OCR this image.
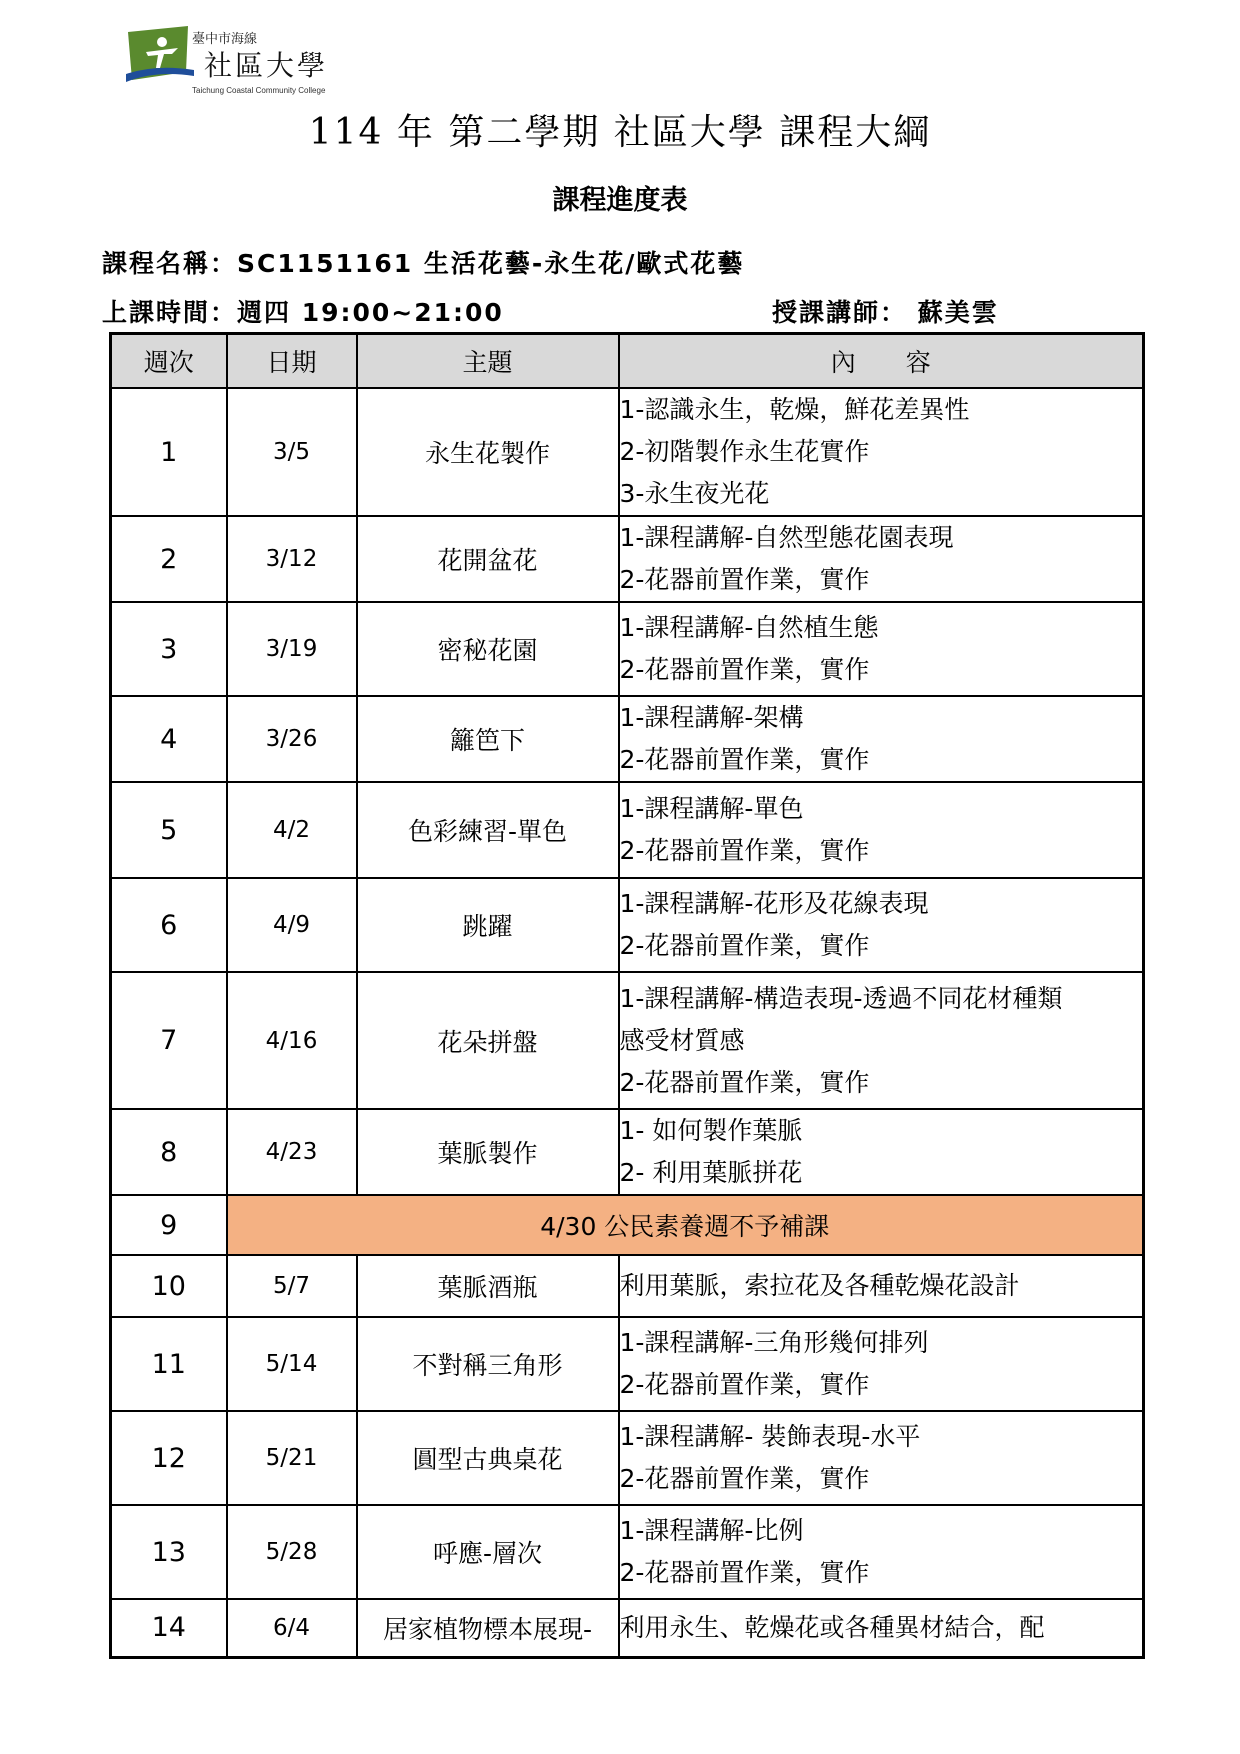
臺中市海線
社區大學
Taichung Coastal Community College
114 年 第二學期 社區大學 課程大綱
課程進度表
課程名稱：SC1151161 生活花藝-永生花/歐式花藝
上課時間：週四 19:00~21:00	授課講師： 蘇美雲
週次	日期	主題	內　　容
1	3/5	永生花製作	1-認識永生，乾燥，鮮花差異性
2-初階製作永生花實作
3-永生夜光花

2	3/12	花開盆花	1-課程講解-自然型態花園表現
2-花器前置作業，實作

3	3/19	密秘花園	1-課程講解-自然植生態
2-花器前置作業，實作

4	3/26	籬笆下	1-課程講解-架構
2-花器前置作業，實作

5	4/2	色彩練習-單色	1-課程講解-單色
2-花器前置作業，實作

6	4/9	跳躍	1-課程講解-花形及花線表現
2-花器前置作業，實作

7	4/16	花朵拼盤	1-課程講解-構造表現-透過不同花材種類
感受材質感
2-花器前置作業，實作

8	4/23	葉脈製作	1- 如何製作葉脈
2- 利用葉脈拼花

9	4/30 公民素養週不予補課		
10	5/7	葉脈酒瓶	利用葉脈，索拉花及各種乾燥花設計

11	5/14	不對稱三角形	1-課程講解-三角形幾何排列
2-花器前置作業，實作

12	5/21	圓型古典桌花	1-課程講解- 裝飾表現-水平
2-花器前置作業，實作

13	5/28	呼應-層次	1-課程講解-比例
2-花器前置作業，實作

14	6/4	居家植物標本展現-	利用永生、乾燥花或各種異材結合，配
